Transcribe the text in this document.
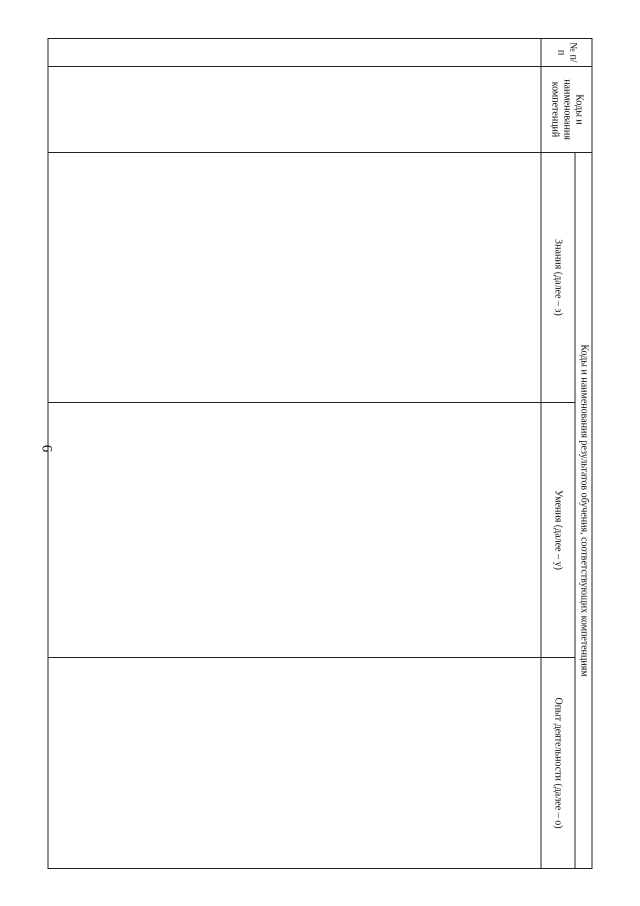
6
№ п/п	Коды и наименования компетенций	Коды и наименования результатов обучения, соответствующих компетенциям		
		Знания (далее – з)	Умения (далее – у)	Опыт деятельности (далее – о)
